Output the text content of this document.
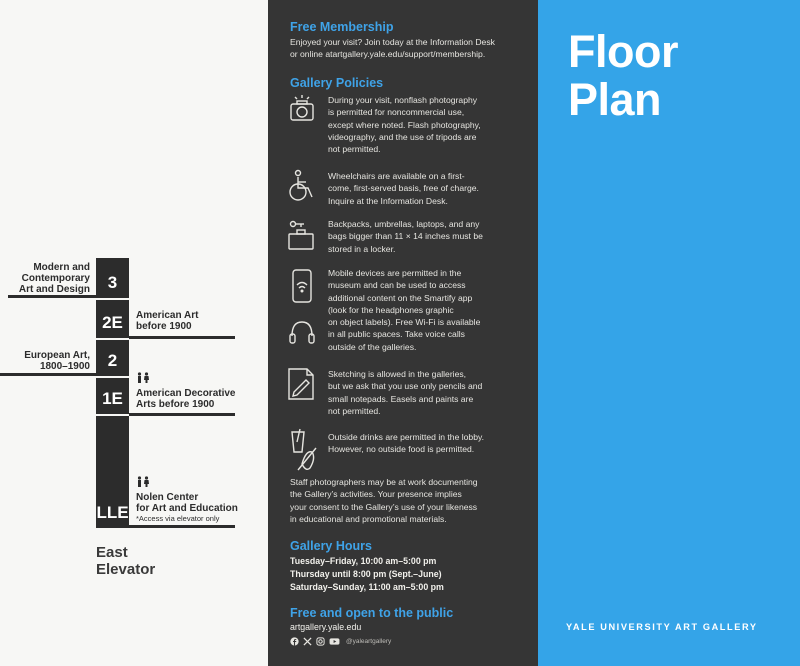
Modern and
Contemporary
Art and Design 3
2E American Art
before 1900
European Art,
1800–1900 2
1E American Decorative
Arts before 1900
LLE
Nolen Center
for Art and Education
*Access via elevator only
East
Elevator
Free Membership
Enjoyed your visit? Join today at the Information Desk
or online atartgallery.yale.edu/support/membership.
Gallery Policies
During your visit, nonflash photography
is permitted for noncommercial use,
except where noted. Flash photography,
videography, and the use of tripods are
not permitted.
Wheelchairs are available on a first-
come, first-served basis, free of charge.
Inquire at the Information Desk.
Backpacks, umbrellas, laptops, and any
bags bigger than 11 × 14 inches must be
stored in a locker.
Mobile devices are permitted in the
museum and can be used to access
additional content on the Smartify app
(look for the headphones graphic
on object labels). Free Wi-Fi is available
in all public spaces. Take voice calls
outside of the galleries.
Sketching is allowed in the galleries,
but we ask that you use only pencils and
small notepads. Easels and paints are
not permitted.
Outside drinks are permitted in the lobby.
However, no outside food is permitted.
Staff photographers may be at work documenting
the Gallery’s activities. Your presence implies
your consent to the Gallery’s use of your likeness
in educational and promotional materials.
Gallery Hours
Tuesday–Friday, 10:00 am–5:00 pm
Thursday until 8:00 pm (Sept.–June)
Saturday–Sunday, 11:00 am–5:00 pm
Free and open to the public
artgallery.yale.edu
@yaleartgallery
Floor
Plan
YALE UNIVERSITY ART GALLERY
